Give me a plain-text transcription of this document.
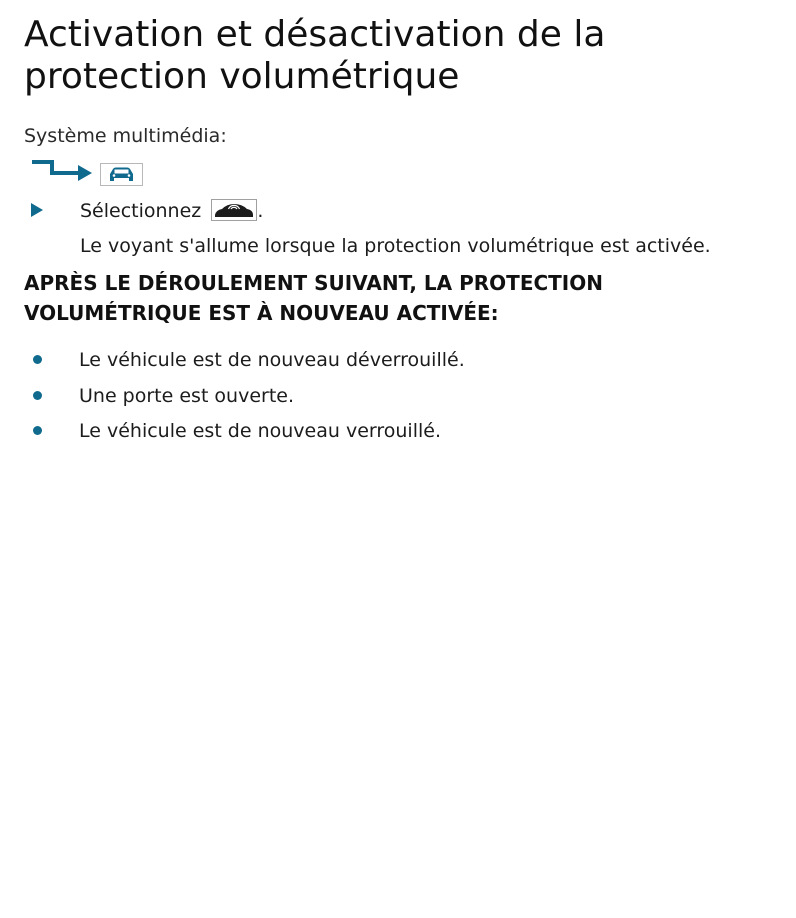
Activation et désactivation de la protection volumétrique
Système multimédia:
Sélectionnez	.
Le voyant s'allume lorsque la protection volumétrique est activée.
APRÈS LE DÉROULEMENT SUIVANT, LA PROTECTION VOLUMÉTRIQUE EST À NOUVEAU ACTIVÉE:
Le véhicule est de nouveau déverrouillé.
Une porte est ouverte.
Le véhicule est de nouveau verrouillé.
